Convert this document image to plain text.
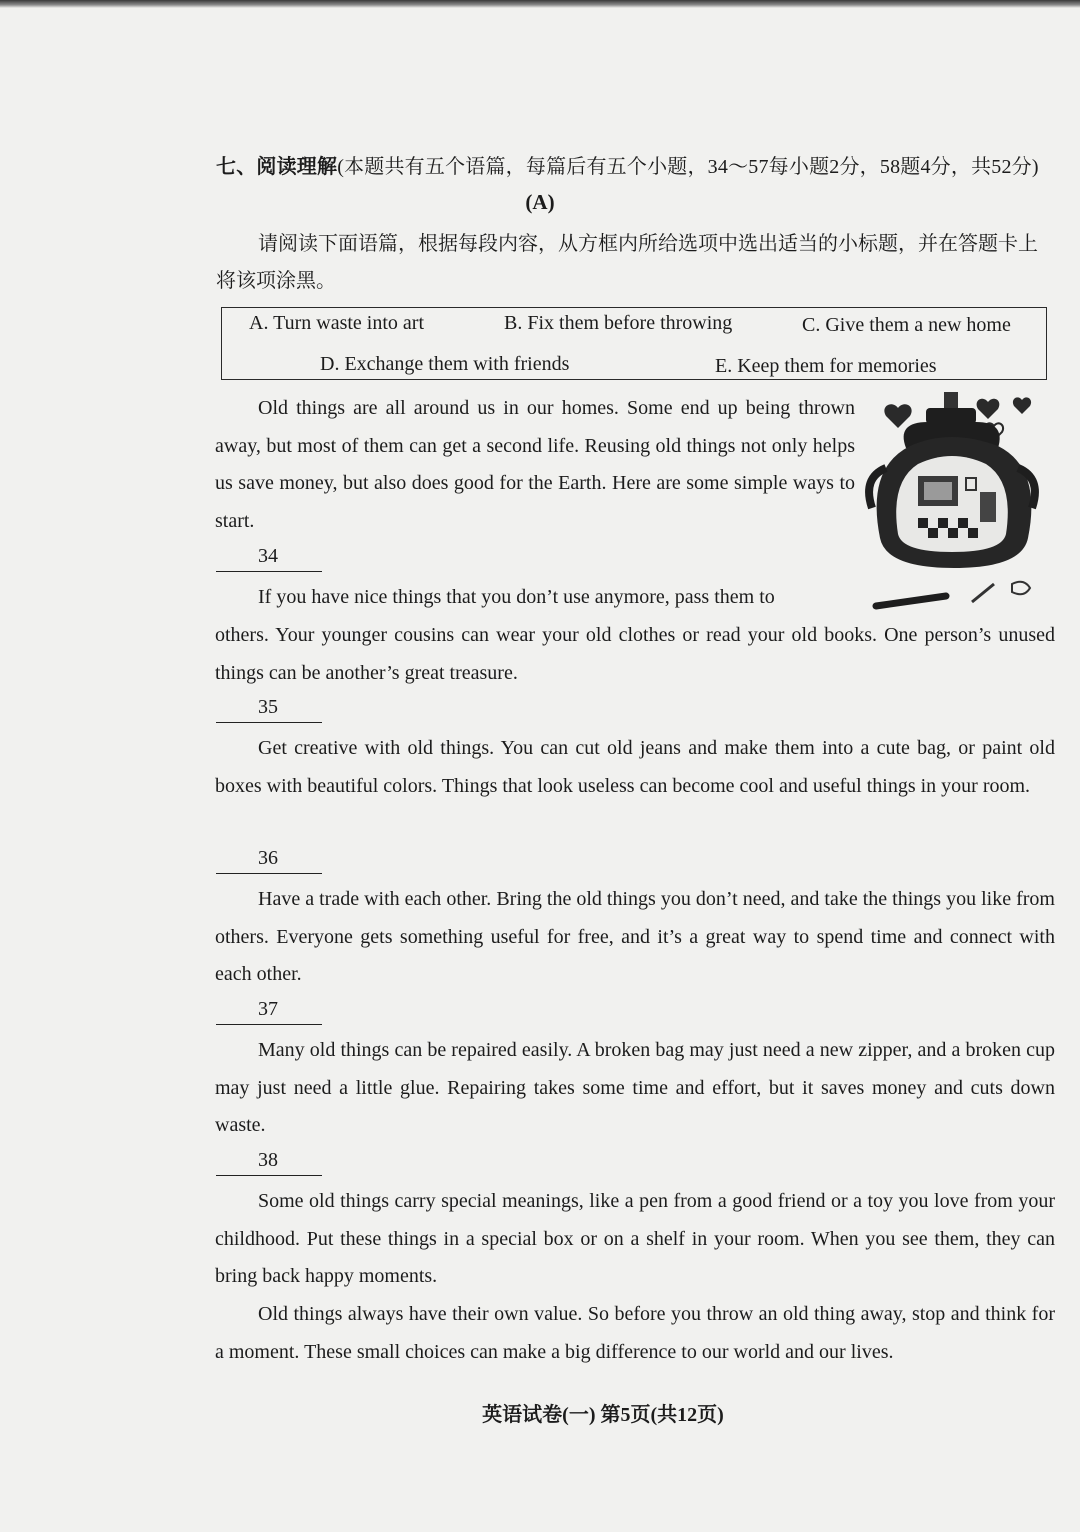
七、阅读理解(本题共有五个语篇，每篇后有五个小题，34～57每小题2分，58题4分，共52分)
(A)
请阅读下面语篇，根据每段内容，从方框内所给选项中选出适当的小标题，并在答题卡上将该项涂黑。
A. Turn waste into art	B. Fix them before throwing	C. Give them a new home
D. Exchange them with friends	E. Keep them for memories

Old things are all around us in our homes. Some end up being thrown away, but most of them can get a second life. Reusing old things not only helps us save money, but also does good for the Earth. Here are some simple ways to start.

34

If you have nice things that you don’t use anymore, pass them to

others. Your younger cousins can wear your old clothes or read your old books. One person’s unused things can be another’s great treasure.

35

Get creative with old things. You can cut old jeans and make them into a cute bag, or paint old boxes with beautiful colors. Things that look useless can become cool and useful things in your room.

36

Have a trade with each other. Bring the old things you don’t need, and take the things you like from others. Everyone gets something useful for free, and it’s a great way to spend time and connect with each other.

37

Many old things can be repaired easily. A broken bag may just need a new zipper, and a broken cup may just need a little glue. Repairing takes some time and effort, but it saves money and cuts down waste.

38

Some old things carry special meanings, like a pen from a good friend or a toy you love from your childhood. Put these things in a special box or on a shelf in your room. When you see them, they can bring back happy moments.

Old things always have their own value. So before you throw an old thing away, stop and think for a moment. These small choices can make a big difference to our world and our lives.

英语试卷(一) 第5页(共12页)
